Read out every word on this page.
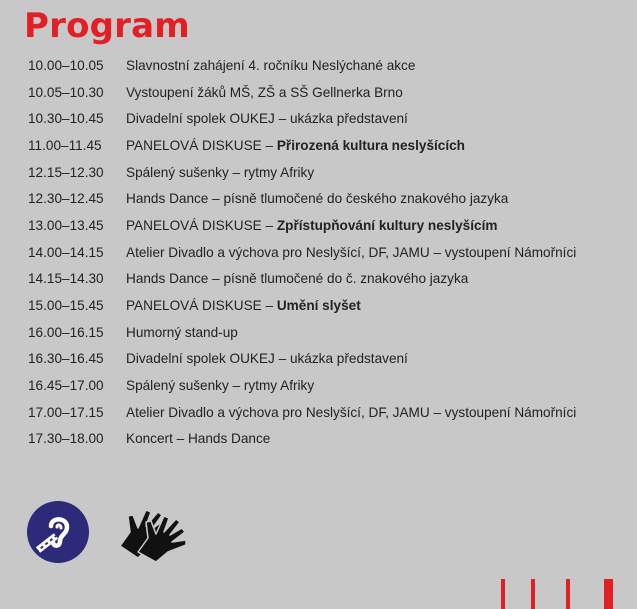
Program
10.00–10.05	Slavnostní zahájení 4. ročníku Neslýchané akce
10.05–10.30	Vystoupení žáků MŠ, ZŠ a SŠ Gellnerka Brno
10.30–10.45	Divadelní spolek OUKEJ – ukázka představení
11.00–11.45	PANELOVÁ DISKUSE – Přirozená kultura neslyšících
12.15–12.30	Spálený sušenky – rytmy Afriky
12.30–12.45	Hands Dance – písně tlumočené do českého znakového jazyka
13.00–13.45	PANELOVÁ DISKUSE – Zpřístupňování kultury neslyšícím
14.00–14.15	Atelier Divadlo a výchova pro Neslyšící, DF, JAMU – vystoupení Námořníci
14.15–14.30	Hands Dance – písně tlumočené do č. znakového jazyka
15.00–15.45	PANELOVÁ DISKUSE – Umění slyšet
16.00–16.15	Humorný stand-up
16.30–16.45	Divadelní spolek OUKEJ – ukázka představení
16.45–17.00	Spálený sušenky – rytmy Afriky
17.00–17.15	Atelier Divadlo a výchova pro Neslyšící, DF, JAMU – vystoupení Námořníci
17.30–18.00	Koncert – Hands Dance
